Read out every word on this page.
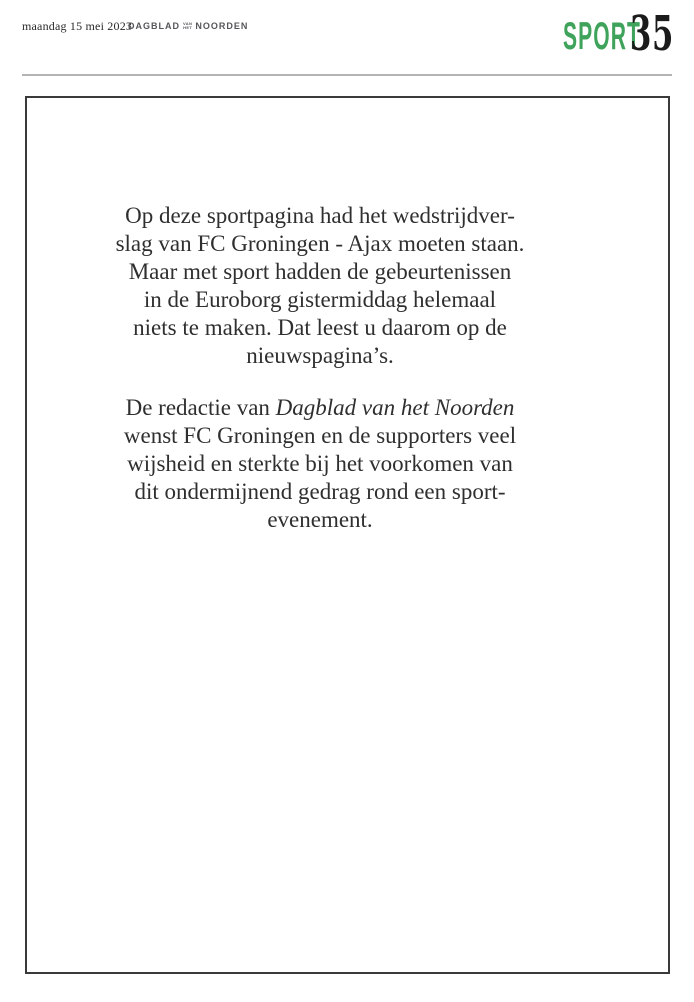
maandag 15 mei 2023
DAGBLAD VAN
HET NOORDEN	SPORT
35
Op deze sportpagina had het wedstrijdver-
slag van FC Groningen - Ajax moeten staan.
Maar met sport hadden de gebeurtenissen
in de Euroborg gistermiddag helemaal
niets te maken. Dat leest u daarom op de
nieuwspagina’s.
De redactie van Dagblad van het Noorden
wenst FC Groningen en de supporters veel
wijsheid en sterkte bij het voorkomen van
dit ondermijnend gedrag rond een sport-
evenement.
